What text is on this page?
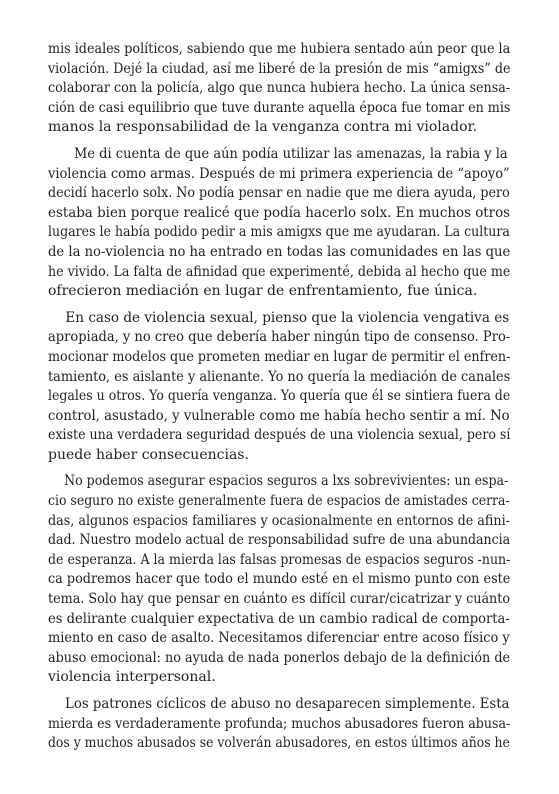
mis ideales políticos, sabiendo que me hubiera sentado aún peor que la
violación. Dejé la ciudad, así me liberé de la presión de mis “amigxs” de
colaborar con la policía, algo que nunca hubiera hecho. La única sensa-
ción de casi equilibrio que tuve durante aquella época fue tomar en mis
manos la responsabilidad de la venganza contra mi violador.
Me di cuenta de que aún podía utilizar las amenazas, la rabia y la
violencia como armas. Después de mi primera experiencia de “apoyo”
decidí hacerlo solx. No podía pensar en nadie que me diera ayuda, pero
estaba bien porque realicé que podía hacerlo solx. En muchos otros
lugares le había podido pedir a mis amigxs que me ayudaran. La cultura
de la no-violencia no ha entrado en todas las comunidades en las que
he vivido. La falta de afinidad que experimenté, debida al hecho que me
ofrecieron mediación en lugar de enfrentamiento, fue única.
En caso de violencia sexual, pienso que la violencia vengativa es
apropiada, y no creo que debería haber ningún tipo de consenso. Pro-
mocionar modelos que prometen mediar en lugar de permitir el enfren-
tamiento, es aislante y alienante. Yo no quería la mediación de canales
legales u otros. Yo quería venganza. Yo quería que él se sintiera fuera de
control, asustado, y vulnerable como me había hecho sentir a mí. No
existe una verdadera seguridad después de una violencia sexual, pero sí
puede haber consecuencias.
No podemos asegurar espacios seguros a lxs sobrevivientes: un espa-
cio seguro no existe generalmente fuera de espacios de amistades cerra-
das, algunos espacios familiares y ocasionalmente en entornos de afini-
dad. Nuestro modelo actual de responsabilidad sufre de una abundancia
de esperanza. A la mierda las falsas promesas de espacios seguros -nun-
ca podremos hacer que todo el mundo esté en el mismo punto con este
tema. Solo hay que pensar en cuánto es difícil curar/cicatrizar y cuánto
es delirante cualquier expectativa de un cambio radical de comporta-
miento en caso de asalto. Necesitamos diferenciar entre acoso físico y
abuso emocional: no ayuda de nada ponerlos debajo de la definición de
violencia interpersonal.
Los patrones cíclicos de abuso no desaparecen simplemente. Esta
mierda es verdaderamente profunda; muchos abusadores fueron abusa-
dos y muchos abusados se volverán abusadores, en estos últimos años he
